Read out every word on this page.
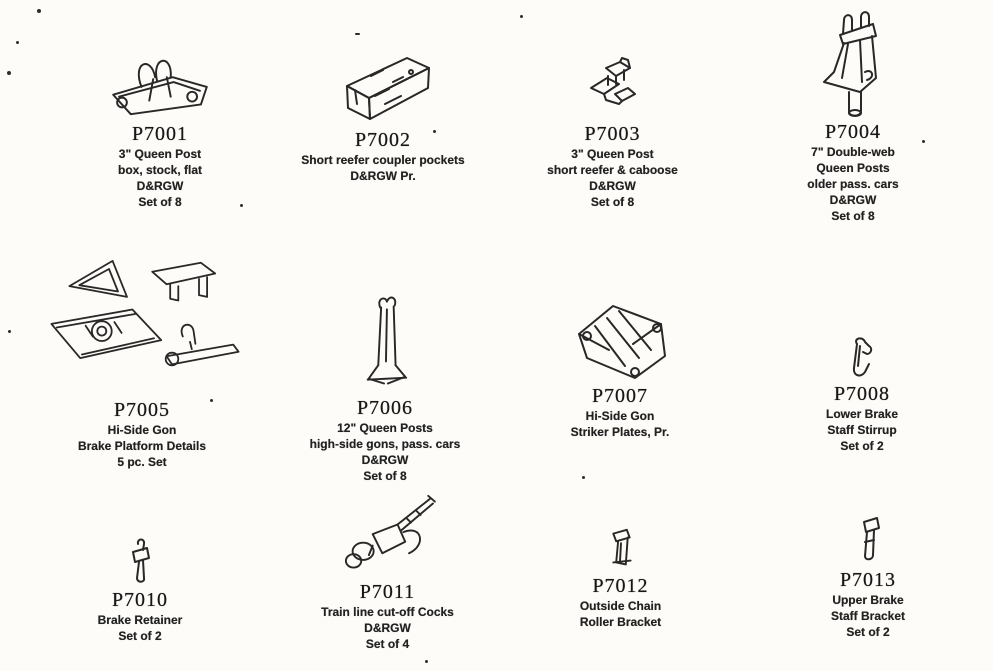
P7001
3" Queen Post
box, stock, flat
D&RGW
Set of 8
P7002
Short reefer coupler pockets
D&RGW Pr.
P7003
3" Queen Post
short reefer & caboose
D&RGW
Set of 8
P7004
7" Double-web
Queen Posts
older pass. cars
D&RGW
Set of 8
P7005
Hi-Side Gon
Brake Platform Details
5 pc. Set
P7006
12" Queen Posts
high-side gons, pass. cars
D&RGW
Set of 8
P7007
Hi-Side Gon
Striker Plates, Pr.
P7008
Lower Brake
Staff Stirrup
Set of 2
P7010
Brake Retainer
Set of 2
P7011
Train line cut-off Cocks
D&RGW
Set of 4
P7012
Outside Chain
Roller Bracket
P7013
Upper Brake
Staff Bracket
Set of 2
